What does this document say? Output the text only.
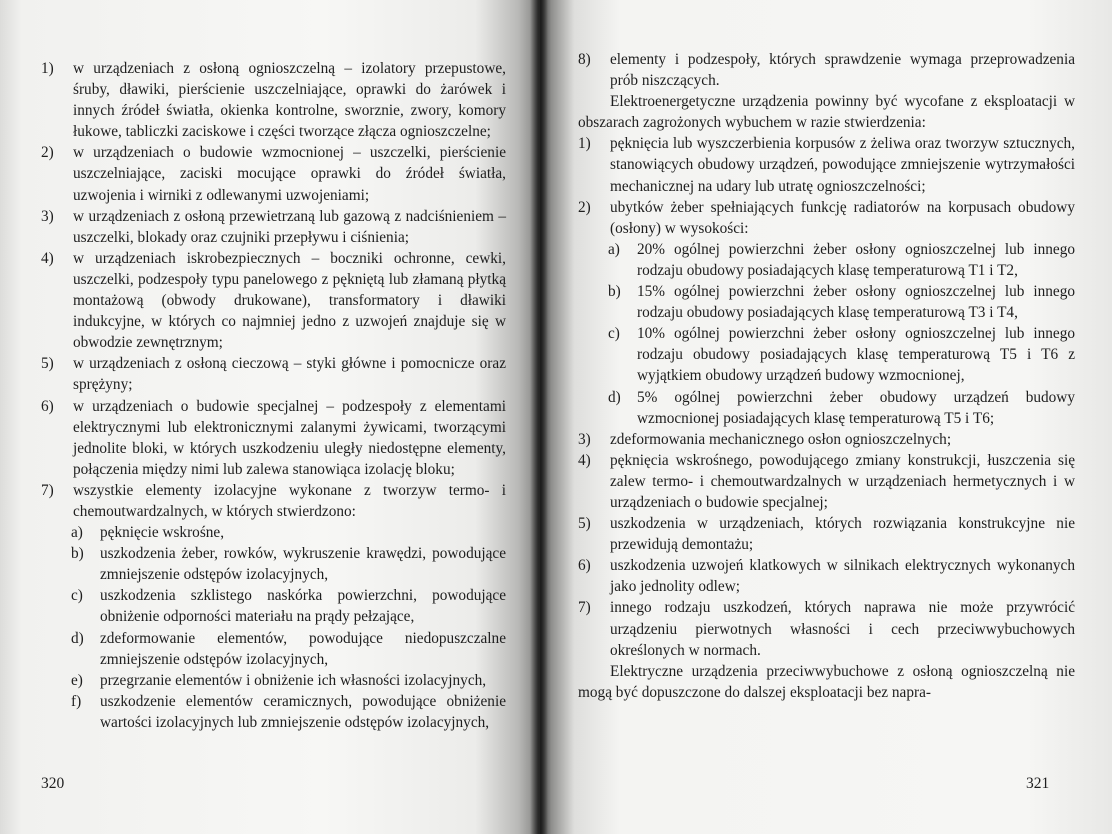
1) w urządzeniach z osłoną ognioszczelną – izolatory przepustowe, śruby, dławiki, pierścienie uszczelniające, oprawki do żarówek i innych źródeł światła, okienka kontrolne, sworznie, zwory, komory łukowe, tabliczki zaciskowe i części tworzące złącza ognioszczelne;
2) w urządzeniach o budowie wzmocnionej – uszczelki, pierścienie uszczelniające, zaciski mocujące oprawki do źródeł światła, uzwojenia i wirniki z odlewanymi uzwojeniami;
3) w urządzeniach z osłoną przewietrzaną lub gazową z nadciśnieniem – uszczelki, blokady oraz czujniki przepływu i ciśnienia;
4) w urządzeniach iskrobezpiecznych – boczniki ochronne, cewki, uszczelki, podzespoły typu panelowego z pękniętą lub złamaną płytką montażową (obwody drukowane), transformatory i dławiki indukcyjne, w których co najmniej jedno z uzwojeń znajduje się w obwodzie zewnętrznym;
5) w urządzeniach z osłoną cieczową – styki główne i pomocnicze oraz sprężyny;
6) w urządzeniach o budowie specjalnej – podzespoły z elementami elektrycznymi lub elektronicznymi zalanymi żywicami, tworzącymi jednolite bloki, w których uszkodzeniu uległy niedostępne elementy, połączenia między nimi lub zalewa stanowiąca izolację bloku;
7) wszystkie elementy izolacyjne wykonane z tworzyw termo- i chemoutwardzalnych, w których stwierdzono:
a) pęknięcie wskrośne,
b) uszkodzenia żeber, rowków, wykruszenie krawędzi, powodujące zmniejszenie odstępów izolacyjnych,
c) uszkodzenia szklistego naskórka powierzchni, powodujące obniżenie odporności materiału na prądy pełzające,
d) zdeformowanie elementów, powodujące niedopuszczalne zmniejszenie odstępów izolacyjnych,
e) przegrzanie elementów i obniżenie ich własności izolacyjnych,
f) uszkodzenie elementów ceramicznych, powodujące obniżenie wartości izolacyjnych lub zmniejszenie odstępów izolacyjnych,
320
8) elementy i podzespoły, których sprawdzenie wymaga przeprowadzenia prób niszczących.

Elektroenergetyczne urządzenia powinny być wycofane z eksploatacji w obszarach zagrożonych wybuchem w razie stwierdzenia:

1) pęknięcia lub wyszczerbienia korpusów z żeliwa oraz tworzyw sztucznych, stanowiących obudowy urządzeń, powodujące zmniejszenie wytrzymałości mechanicznej na udary lub utratę ognioszczelności;
2) ubytków żeber spełniających funkcję radiatorów na korpusach obudowy (osłony) w wysokości:
a) 20% ogólnej powierzchni żeber osłony ognioszczelnej lub innego rodzaju obudowy posiadających klasę temperaturową T1 i T2,
b) 15% ogólnej powierzchni żeber osłony ognioszczelnej lub innego rodzaju obudowy posiadających klasę temperaturową T3 i T4,
c) 10% ogólnej powierzchni żeber osłony ognioszczelnej lub innego rodzaju obudowy posiadających klasę temperaturową T5 i T6 z wyjątkiem obudowy urządzeń budowy wzmocnionej,
d) 5% ogólnej powierzchni żeber obudowy urządzeń budowy wzmocnionej posiadających klasę temperaturową T5 i T6;
3) zdeformowania mechanicznego osłon ognioszczelnych;
4) pęknięcia wskrośnego, powodującego zmiany konstrukcji, łuszczenia się zalew termo- i chemoutwardzalnych w urządzeniach hermetycznych i w urządzeniach o budowie specjalnej;
5) uszkodzenia w urządzeniach, których rozwiązania konstrukcyjne nie przewidują demontażu;
6) uszkodzenia uzwojeń klatkowych w silnikach elektrycznych wykonanych jako jednolity odlew;
7) innego rodzaju uszkodzeń, których naprawa nie może przywrócić urządzeniu pierwotnych własności i cech przeciwwybuchowych określonych w normach.

Elektryczne urządzenia przeciwwybuchowe z osłoną ognioszczelną nie mogą być dopuszczone do dalszej eksploatacji bez napra-

321
